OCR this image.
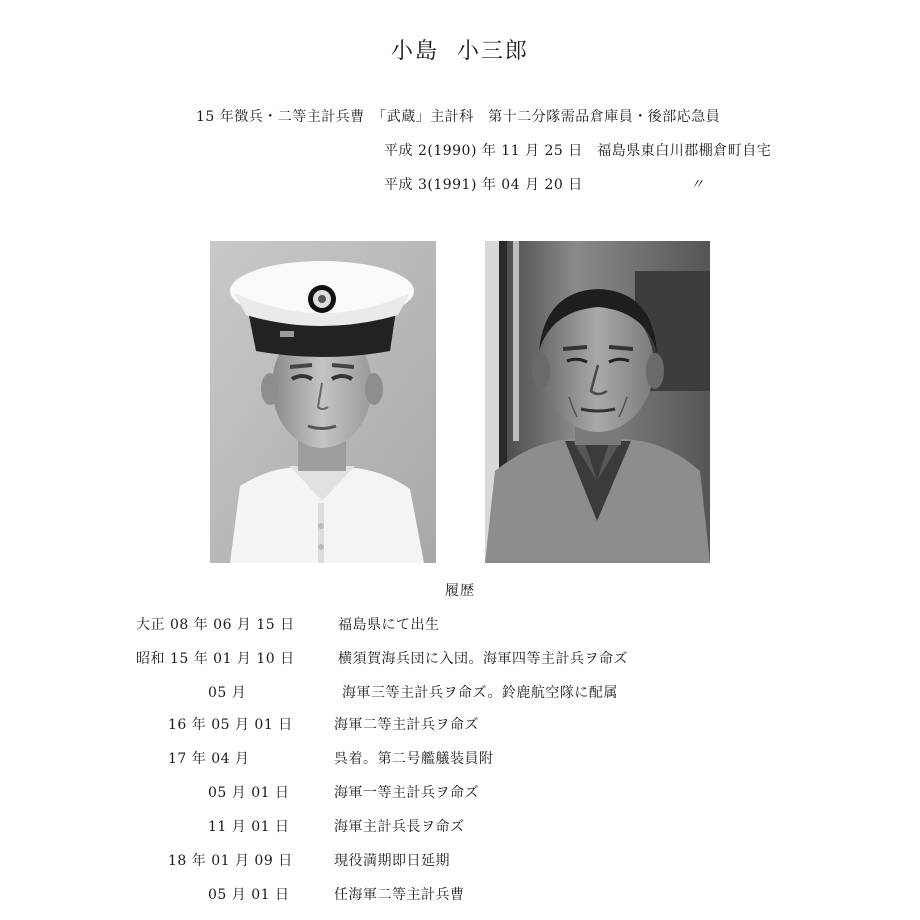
小島 小三郎
15 年徴兵・二等主計兵曹　「武蔵」主計科　第十二分隊需品倉庫員・後部応急員
平成 2(1990) 年 11 月 25 日　福島県東白川郡棚倉町自宅
平成 3(1991) 年 04 月 20 日	〃
履歴
大正 08 年 06 月 15 日	福島県にて出生
昭和 15 年 01 月 10 日	横須賀海兵団に入団。海軍四等主計兵ヲ命ズ
05 月	海軍三等主計兵ヲ命ズ。鈴鹿航空隊に配属
16 年 05 月 01 日	海軍二等主計兵ヲ命ズ
17 年 04 月	呉着。第二号艦艤装員附
05 月 01 日	海軍一等主計兵ヲ命ズ
11 月 01 日	海軍主計兵長ヲ命ズ
18 年 01 月 09 日	現役満期即日延期
05 月 01 日	任海軍二等主計兵曹
